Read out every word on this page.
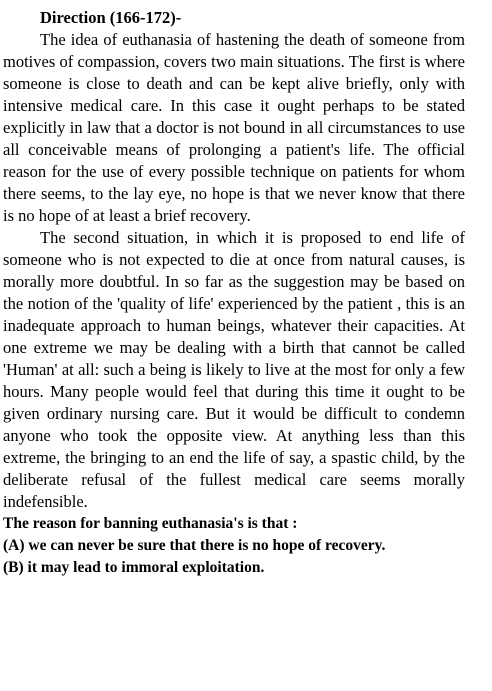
Direction (166-172)-

The idea of euthanasia of hastening the death of someone from motives of compassion, covers two main situations. The first is where someone is close to death and can be kept alive briefly, only with intensive medical care. In this case it ought perhaps to be stated explicitly in law that a doctor is not bound in all circumstances to use all conceivable means of prolonging a patient's life. The official reason for the use of every possible technique on patients for whom there seems, to the lay eye, no hope is that we never know that there is no hope of at least a brief recovery.

The second situation, in which it is proposed to end life of someone who is not expected to die at once from natural causes, is morally more doubtful. In so far as the suggestion may be based on the notion of the 'quality of life' experienced by the patient , this is an inadequate approach to human beings, whatever their capacities. At one extreme we may be dealing with a birth that cannot be called 'Human' at all: such a being is likely to live at the most for only a few hours. Many people would feel that during this time it ought to be given ordinary nursing care. But it would be difficult to condemn anyone who took the opposite view. At anything less than this extreme, the bringing to an end the life of say, a spastic child, by the deliberate refusal of the fullest medical care seems morally indefensible.

The reason for banning euthanasia's is that :

(A) we can never be sure that there is no hope of recovery.

(B) it may lead to immoral exploitation.
